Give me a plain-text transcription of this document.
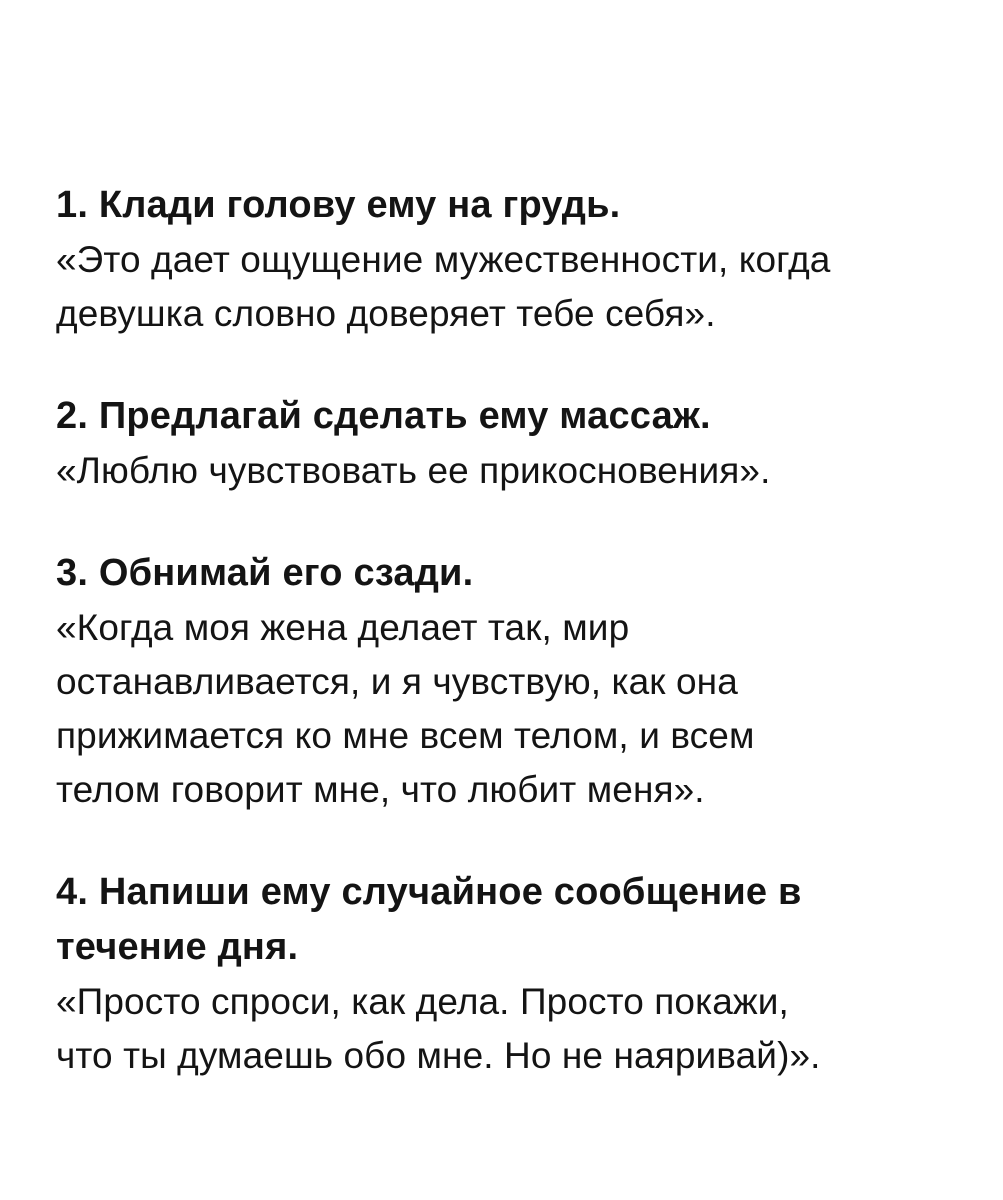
1. Клади голову ему на грудь.

«Это дает ощущение мужественности, когда

девушка словно доверяет тебе себя».

2. Предлагай сделать ему массаж.

«Люблю чувствовать ее прикосновения».

3. Обнимай его сзади.

«Когда моя жена делает так, мир

останавливается, и я чувствую, как она

прижимается ко мне всем телом, и всем

телом говорит мне, что любит меня».

4. Напиши ему случайное сообщение в

течение дня.

«Просто спроси, как дела. Просто покажи,

что ты думаешь обо мне. Но не наяривай)».
